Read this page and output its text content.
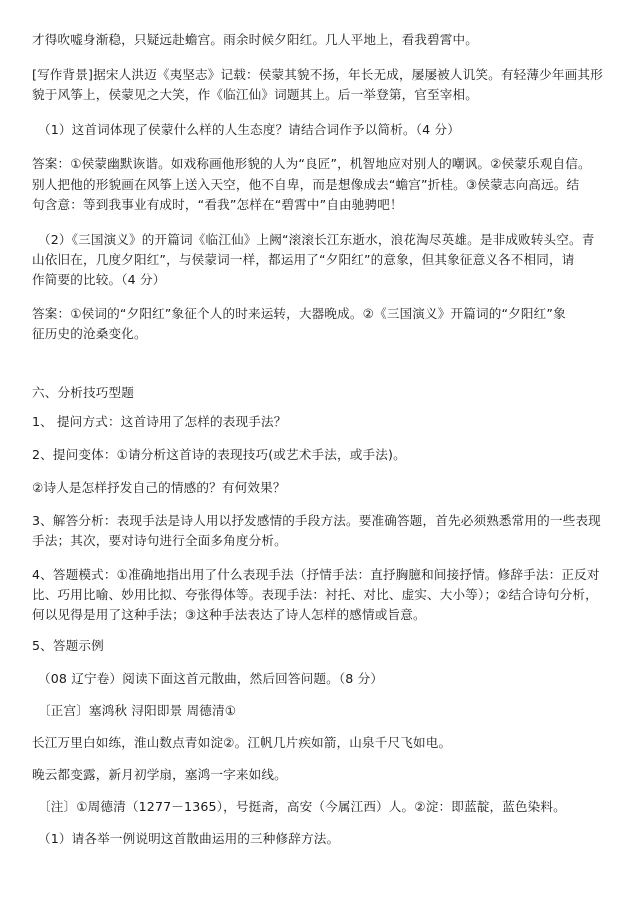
才得吹嘘身渐稳，只疑远赴蟾宫。雨余时候夕阳红。几人平地上，看我碧霄中。
[写作背景]据宋人洪迈《夷坚志》记载：侯蒙其貌不扬，年长无成，屡屡被人讥笑。有轻薄少年画其形
貌于风筝上，侯蒙见之大笑，作《临江仙》词题其上。后一举登第，官至宰相。
（1）这首词体现了侯蒙什么样的人生态度？请结合词作予以简析。（4 分）
答案：①侯蒙幽默诙谐。如戏称画他形貌的人为“良匠”，机智地应对别人的嘲讽。②侯蒙乐观自信。
别人把他的形貌画在风筝上送入天空，他不自卑，而是想像成去“蟾宫”折桂。③侯蒙志向高远。结
句含意：等到我事业有成时，“看我”怎样在“碧霄中”自由驰骋吧！
（2）《三国演义》的开篇词《临江仙》上阙“滚滚长江东逝水，浪花淘尽英雄。是非成败转头空。青
山依旧在，几度夕阳红”，与侯蒙词一样，都运用了“夕阳红”的意象，但其象征意义各不相同，请
作简要的比较。（4 分）
答案：①侯词的“夕阳红”象征个人的时来运转，大器晚成。②《三国演义》开篇词的“夕阳红”象
征历史的沧桑变化。
六、分析技巧型题
1、 提问方式：这首诗用了怎样的表现手法？
2、提问变体：①请分析这首诗的表现技巧(或艺术手法，或手法)。
②诗人是怎样抒发自己的情感的？有何效果？
3、解答分析：表现手法是诗人用以抒发感情的手段方法。要准确答题，首先必须熟悉常用的一些表现
手法；其次，要对诗句进行全面多角度分析。
4、答题模式：①准确地指出用了什么表现手法（抒情手法：直抒胸臆和间接抒情。修辞手法：正反对
比、巧用比喻、妙用比拟、夸张得体等。表现手法：衬托、对比、虚实、大小等）；②结合诗句分析，
何以见得是用了这种手法；③这种手法表达了诗人怎样的感情或旨意。
5、答题示例
（08 辽宁卷）阅读下面这首元散曲，然后回答问题。（8 分）
〔正宫〕塞鸿秋 浔阳即景 周德清①
长江万里白如练，淮山数点青如淀②。江帆几片疾如箭，山泉千尺飞如电。
晚云都变露，新月初学扇，塞鸿一字来如线。
〔注〕①周德清（1277－1365），号挺斋，高安（今属江西）人。②淀：即蓝靛，蓝色染料。
（1）请各举一例说明这首散曲运用的三种修辞方法。
